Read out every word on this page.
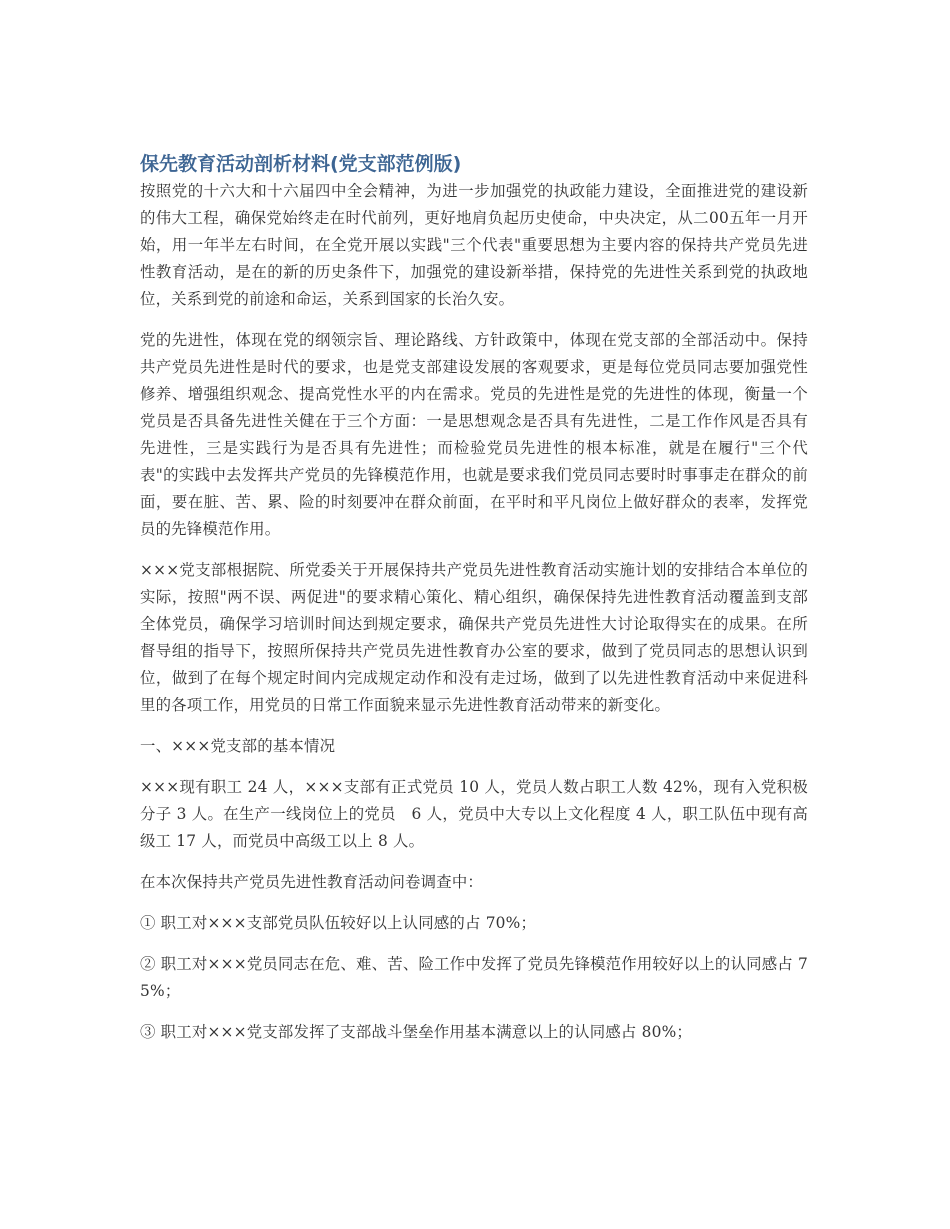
保先教育活动剖析材料(党支部范例版)

按照党的十六大和十六届四中全会精神，为进一步加强党的执政能力建设，全面推进党的建设新的伟大工程，确保党始终走在时代前列，更好地肩负起历史使命，中央决定，从二00五年一月开始，用一年半左右时间，在全党开展以实践"三个代表"重要思想为主要内容的保持共产党员先进性教育活动，是在的新的历史条件下，加强党的建设新举措，保持党的先进性关系到党的执政地位，关系到党的前途和命运，关系到国家的长治久安。

党的先进性，体现在党的纲领宗旨、理论路线、方针政策中，体现在党支部的全部活动中。保持共产党员先进性是时代的要求，也是党支部建设发展的客观要求，更是每位党员同志要加强党性修养、增强组织观念、提高党性水平的内在需求。党员的先进性是党的先进性的体现，衡量一个党员是否具备先进性关健在于三个方面：一是思想观念是否具有先进性，二是工作作风是否具有先进性，三是实践行为是否具有先进性；而检验党员先进性的根本标准，就是在履行"三个代表"的实践中去发挥共产党员的先锋模范作用，也就是要求我们党员同志要时时事事走在群众的前面，要在脏、苦、累、险的时刻要冲在群众前面，在平时和平凡岗位上做好群众的表率，发挥党员的先锋模范作用。

×××党支部根据院、所党委关于开展保持共产党员先进性教育活动实施计划的安排结合本单位的实际，按照"两不误、两促进"的要求精心策化、精心组织，确保保持先进性教育活动覆盖到支部全体党员，确保学习培训时间达到规定要求，确保共产党员先进性大讨论取得实在的成果。在所督导组的指导下，按照所保持共产党员先进性教育办公室的要求，做到了党员同志的思想认识到位，做到了在每个规定时间内完成规定动作和没有走过场，做到了以先进性教育活动中来促进科里的各项工作，用党员的日常工作面貌来显示先进性教育活动带来的新变化。

一、×××党支部的基本情况

×××现有职工 24 人，×××支部有正式党员 10 人，党员人数占职工人数 42%，现有入党积极分子 3 人。在生产一线岗位上的党员　6 人，党员中大专以上文化程度 4 人，职工队伍中现有高级工 17 人，而党员中高级工以上 8 人。

在本次保持共产党员先进性教育活动问卷调查中：

① 职工对×××支部党员队伍较好以上认同感的占 70%；

② 职工对×××党员同志在危、难、苦、险工作中发挥了党员先锋模范作用较好以上的认同感占 75%；

③ 职工对×××党支部发挥了支部战斗堡垒作用基本满意以上的认同感占 80%；
